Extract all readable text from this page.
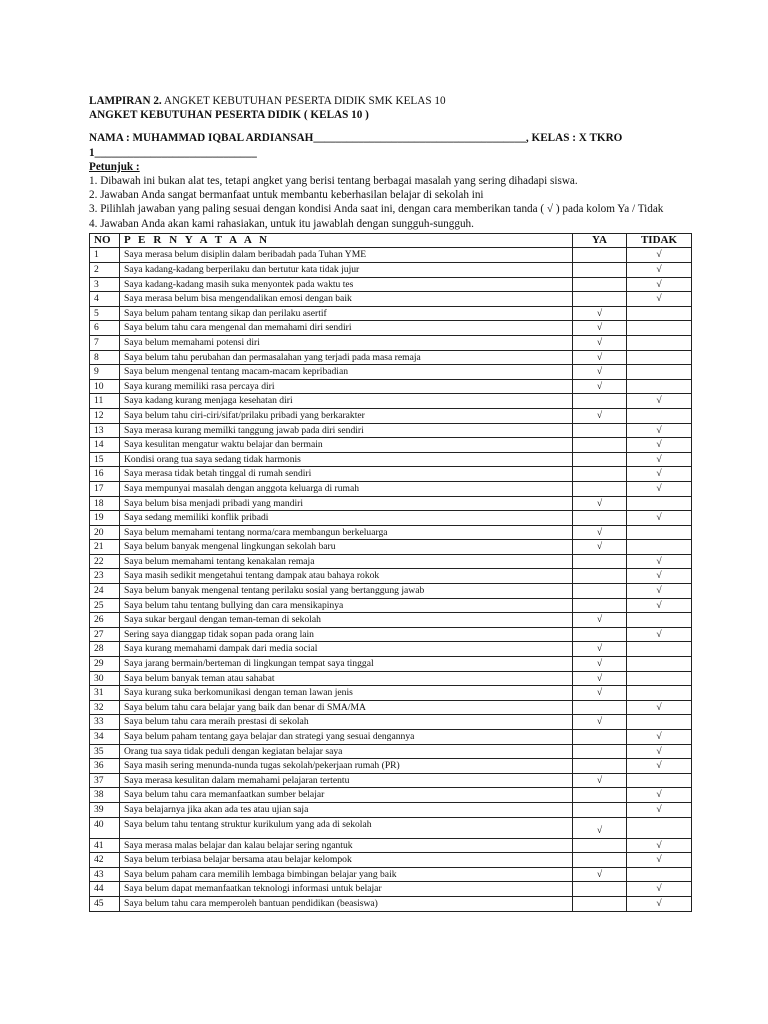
LAMPIRAN 2. ANGKET KEBUTUHAN PESERTA DIDIK SMK KELAS 10
ANGKET KEBUTUHAN PESERTA DIDIK ( KELAS 10 )
NAMA : MUHAMMAD IQBAL ARDIANSAH______________________________________, KELAS : X TKRO
1_____________________________
Petunjuk :
1. Dibawah ini bukan alat tes, tetapi angket yang berisi tentang berbagai masalah yang sering dihadapi siswa.
2. Jawaban Anda sangat bermanfaat untuk membantu keberhasilan belajar di sekolah ini
3. Pilihlah jawaban yang paling sesuai dengan kondisi Anda saat ini, dengan cara memberikan tanda ( √ ) pada kolom Ya / Tidak
4. Jawaban Anda akan kami rahasiakan, untuk itu jawablah dengan sungguh-sungguh.
NO	P E R N Y A T A A N	YA	TIDAK
1	Saya merasa belum disiplin dalam beribadah pada Tuhan YME		√
2	Saya kadang-kadang berperilaku dan bertutur kata tidak jujur		√
3	Saya kadang-kadang masih suka menyontek pada waktu tes		√
4	Saya merasa belum bisa mengendalikan emosi dengan baik		√
5	Saya belum paham tentang sikap dan perilaku asertif	√	
6	Saya belum tahu cara mengenal dan memahami diri sendiri	√	
7	Saya belum memahami potensi diri	√	
8	Saya belum tahu perubahan dan permasalahan yang terjadi pada masa remaja	√	
9	Saya belum mengenal tentang macam-macam kepribadian	√	
10	Saya kurang memiliki rasa percaya diri	√	
11	Saya kadang kurang menjaga kesehatan diri		√
12	Saya belum tahu ciri-ciri/sifat/prilaku pribadi yang berkarakter	√	
13	Saya merasa kurang memilki tanggung jawab pada diri sendiri		√
14	Saya kesulitan mengatur waktu belajar dan bermain		√
15	Kondisi orang tua saya sedang tidak harmonis		√
16	Saya merasa tidak betah tinggal di rumah sendiri		√
17	Saya mempunyai masalah dengan anggota keluarga di rumah		√
18	Saya belum bisa menjadi pribadi yang mandiri	√	
19	Saya sedang memiliki konflik pribadi		√
20	Saya belum memahami tentang norma/cara membangun berkeluarga	√	
21	Saya belum banyak mengenal lingkungan sekolah baru	√	
22	Saya belum memahami tentang kenakalan remaja		√
23	Saya masih sedikit mengetahui tentang dampak atau bahaya rokok		√
24	Saya belum banyak mengenal tentang perilaku sosial yang bertanggung jawab		√
25	Saya belum tahu tentang bullying dan cara mensikapinya		√
26	Saya sukar bergaul dengan teman-teman di sekolah	√	
27	Sering saya dianggap tidak sopan pada orang lain		√
28	Saya kurang memahami dampak dari media social	√	
29	Saya jarang bermain/berteman di lingkungan tempat saya tinggal	√	
30	Saya belum banyak teman atau sahabat	√	
31	Saya kurang suka berkomunikasi dengan teman lawan jenis	√	
32	Saya belum tahu cara belajar yang baik dan benar di SMA/MA		√
33	Saya belum tahu cara meraih prestasi di sekolah	√	
34	Saya belum paham tentang gaya belajar dan strategi yang sesuai dengannya		√
35	Orang tua saya tidak peduli dengan kegiatan belajar saya		√
36	Saya masih sering menunda-nunda tugas sekolah/pekerjaan rumah (PR)		√
37	Saya merasa kesulitan dalam memahami pelajaran tertentu	√	
38	Saya belum tahu cara memanfaatkan sumber belajar		√
39	Saya belajarnya jika akan ada tes atau ujian saja		√
40	Saya belum tahu tentang struktur kurikulum yang ada di sekolah	√	
41	Saya merasa malas belajar dan kalau belajar sering ngantuk		√
42	Saya belum terbiasa belajar bersama atau belajar kelompok		√
43	Saya belum paham cara memilih lembaga bimbingan belajar yang baik	√	
44	Saya belum dapat memanfaatkan teknologi informasi untuk belajar		√
45	Saya belum tahu cara memperoleh bantuan pendidikan (beasiswa)		√
